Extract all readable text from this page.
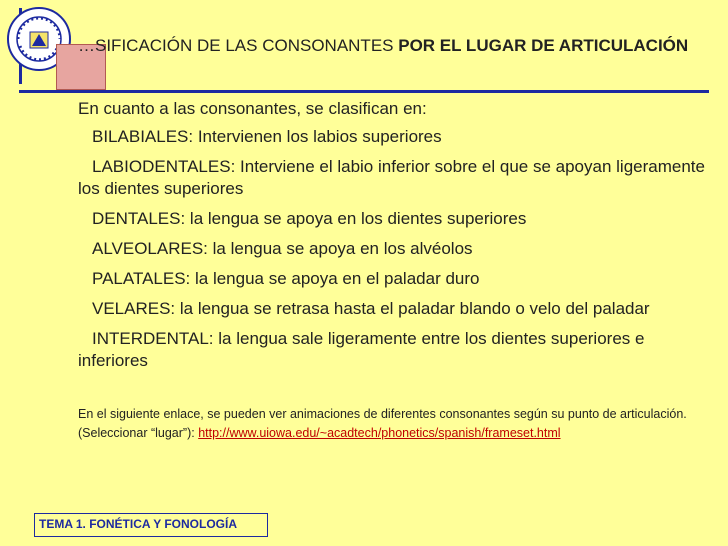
…SIFICACIÓN DE LAS CONSONANTES POR EL LUGAR DE ARTICULACIÓN
En cuanto a las consonantes, se clasifican en:
BILABIALES: Intervienen los labios superiores
LABIODENTALES: Interviene el labio inferior sobre el que se apoyan ligeramente los dientes superiores
DENTALES: la lengua se apoya en los dientes superiores
ALVEOLARES: la lengua se apoya en los alvéolos
PALATALES: la lengua se apoya en el paladar duro
VELARES: la lengua se retrasa hasta el paladar blando o velo del paladar
INTERDENTAL: la lengua sale ligeramente entre los dientes superiores e inferiores
En el siguiente enlace, se pueden ver animaciones de diferentes consonantes según su punto de articulación. (Seleccionar “lugar”): http://www.uiowa.edu/~acadtech/phonetics/spanish/frameset.html
TEMA 1. FONÉTICA Y FONOLOGÍA
